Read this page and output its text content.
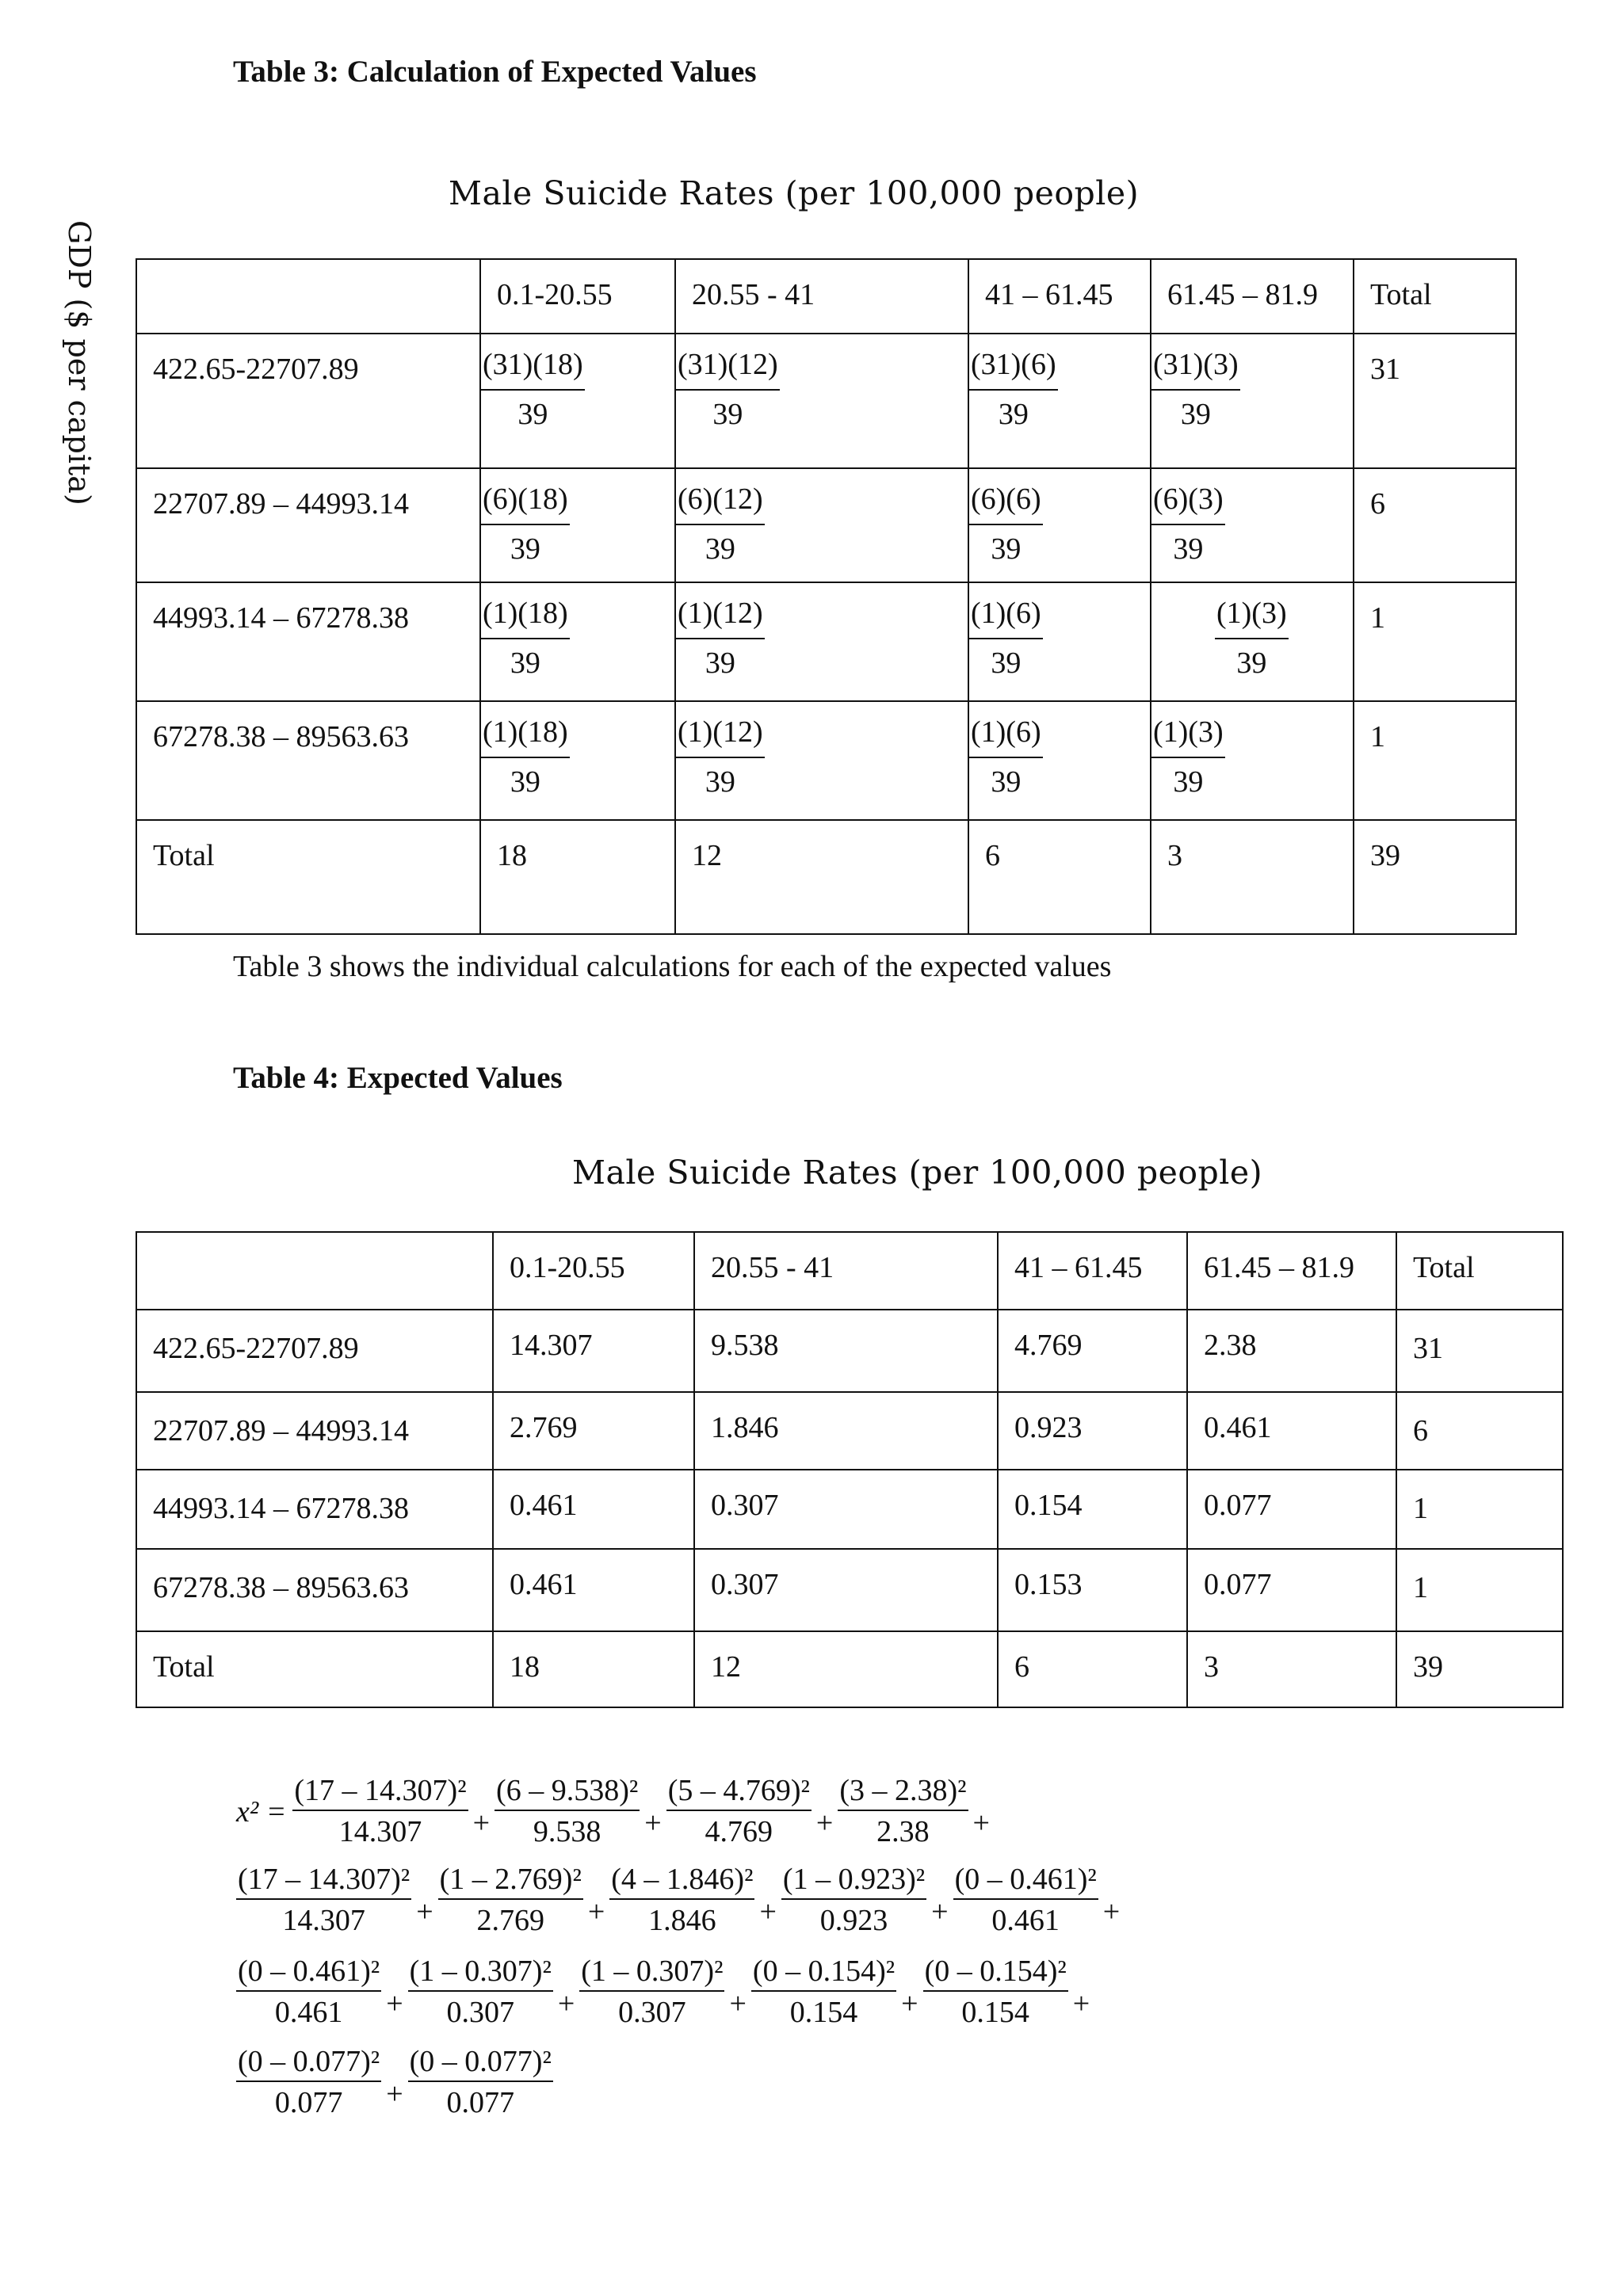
Table 3: Calculation of Expected Values
Male Suicide Rates (per 100,000 people)
GDP ($ per capita)

	0.1-20.55	20.55 - 41	41 – 61.45	61.45 – 81.9	Total

422.65-22707.89	$\frac{(31)(18)}{39}$	$\frac{(31)(12)}{39}$	$\frac{(31)(6)}{39}$	$\frac{(31)(3)}{39}$	31

22707.89 – 44993.14	$\frac{(6)(18)}{39}$	$\frac{(6)(12)}{39}$	$\frac{(6)(6)}{39}$	$\frac{(6)(3)}{39}$	6

44993.14 – 67278.38	$\frac{(1)(18)}{39}$	$\frac{(1)(12)}{39}$	$\frac{(1)(6)}{39}$	$\frac{(1)(3)}{39}$	1

67278.38 – 89563.63	$\frac{(1)(18)}{39}$	$\frac{(1)(12)}{39}$	$\frac{(1)(6)}{39}$	$\frac{(1)(3)}{39}$	1

Total	18	12	6	3	39
Table 3 shows the individual calculations for each of the expected values
Table 4: Expected Values
Male Suicide Rates (per 100,000 people)

	0.1-20.55	20.55 - 41	41 – 61.45	61.45 – 81.9	Total

422.65-22707.89	14.307	9.538	4.769	2.38	31

22707.89 – 44993.14	2.769	1.846	0.923	0.461	6

44993.14 – 67278.38	0.461	0.307	0.154	0.077	1

67278.38 – 89563.63	0.461	0.307	0.153	0.077	1

Total	18	12	6	3	39
$x^2 = \frac{\text{(17 – 14.307)²}}{14.307} + \frac{\text{(6 – 9.538)²}}{9.538} + \frac{\text{(5 – 4.769)²}}{4.769} + \frac{\text{(3 – 2.38)²}}{2.38}$ +
(17 – 14.307)²
$14.307 + \frac{\text{(1 – 2.769)²}}{2.769} + \frac{\text{(4 – 1.846)²}}{1.846} + \frac{\text{(1 – 0.923)²}}{0.923} + \frac{\text{(0 – 0.461)²}}{0.461}$ +
(0 – 0.461)²
$0.461 + \frac{\text{(1 – 0.307)²}}{0.307} + \frac{\text{(1 – 0.307)²}}{0.307} + \frac{\text{(0 – 0.154)²}}{0.154} + \frac{\text{(0 – 0.154)²}}{0.154}$ +
(0 – 0.077)²
$0.077 + \frac{\text{(0 – 0.077)²}}{0.077}$
